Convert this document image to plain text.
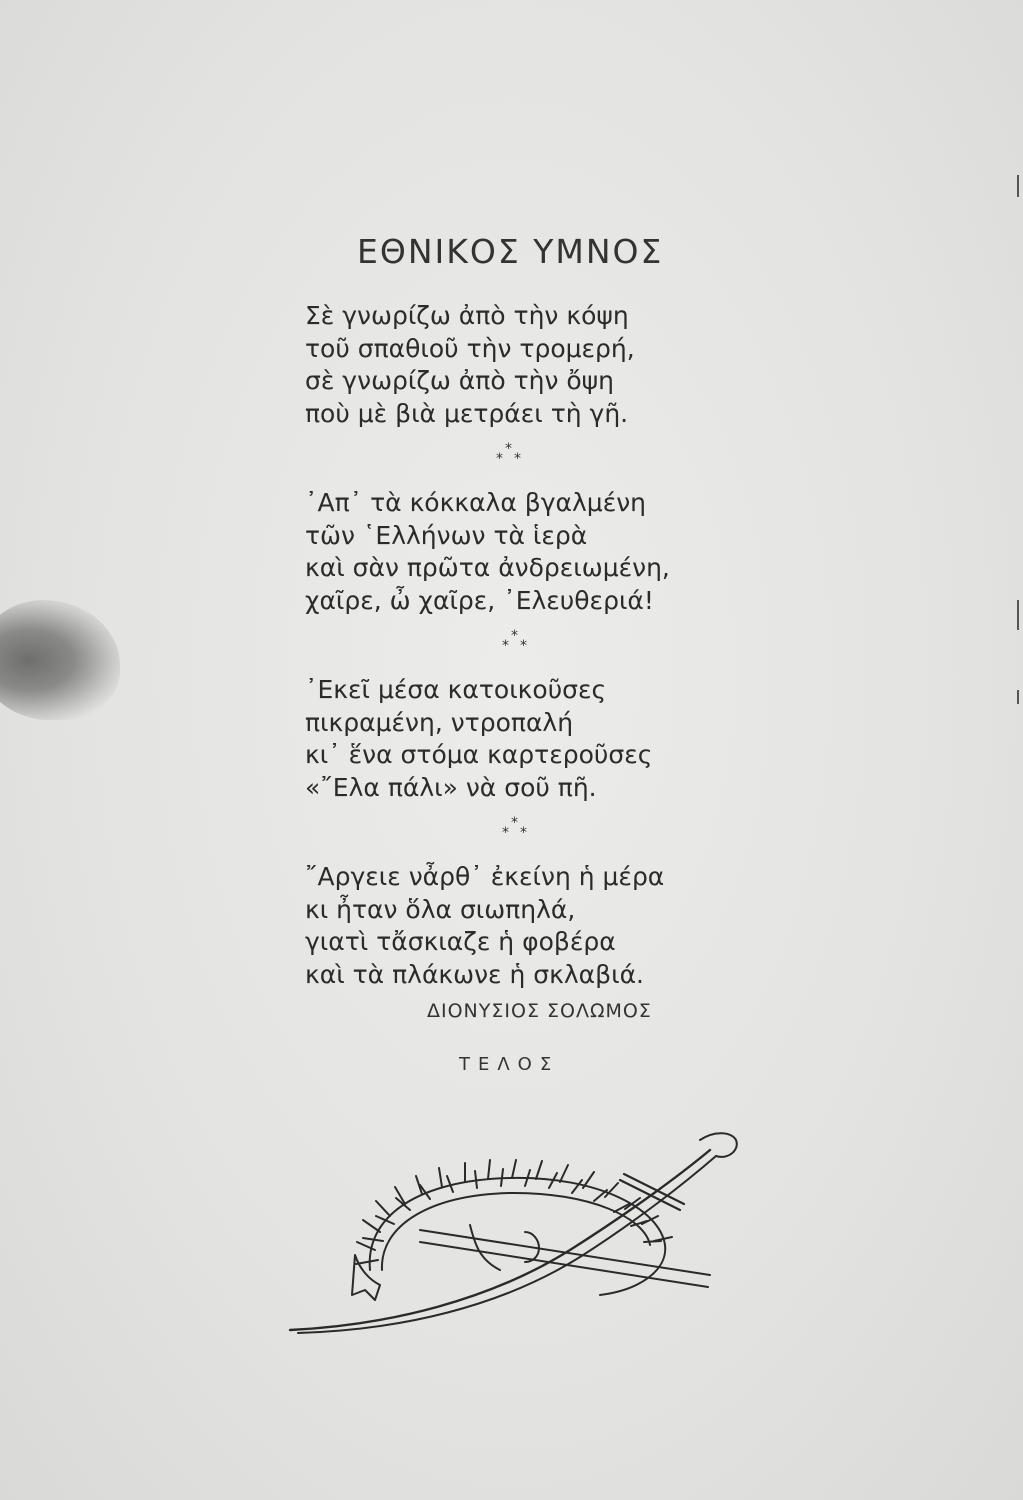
ΕΘΝΙΚΟΣ ΥΜΝΟΣ
Σὲ γνωρίζω ἀπὸ τὴν κόψη
τοῦ σπαθιοῦ τὴν τρομερή,
σὲ γνωρίζω ἀπὸ τὴν ὄψη
ποὺ μὲ βιὰ μετράει τὴ γῆ.
*
* *
᾿Απ᾿ τὰ κόκκαλα βγαλμένη
τῶν ῾Ελλήνων τὰ ἱερὰ
καὶ σὰν πρῶτα ἀνδρειωμένη,
χαῖρε, ὦ χαῖρε, ᾿Ελευθεριά!
*
* *
᾿Εκεῖ μέσα κατοικοῦσες
πικραμένη, ντροπαλή
κι᾿ ἕνα στόμα καρτεροῦσες
«῎Ελα πάλι» νὰ σοῦ πῆ.
*
* *
῎Αργειε νἆρθ᾿ ἐκείνη ἡ μέρα
κι ἦταν ὅλα σιωπηλά,
γιατὶ τἄσκιαζε ἡ φοβέρα
καὶ τὰ πλάκωνε ἡ σκλαβιά.
ΔΙΟΝΥΣΙΟΣ ΣΟΛΩΜΟΣ
ΤΕΛΟΣ
